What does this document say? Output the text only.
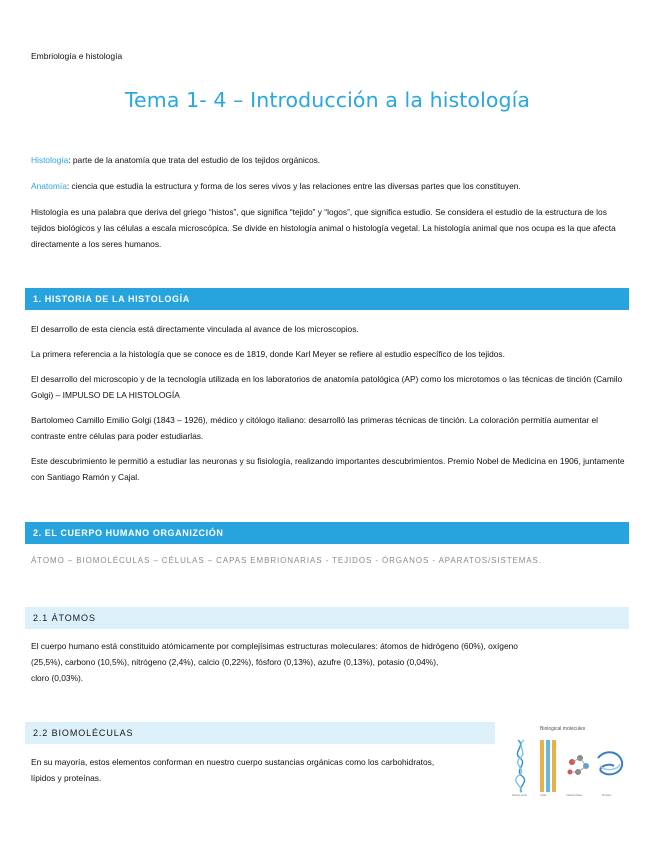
Embriología e histología
Tema 1- 4 – Introducción a la histología
Histología: parte de la anatomía que trata del estudio de los tejidos orgánicos.
Anatomía: ciencia que estudia la estructura y forma de los seres vivos y las relaciones entre las diversas partes que los constituyen.
Histología es una palabra que deriva del griego “histos”, que significa “tejido” y “logos”, que significa estudio. Se considera el estudio de la estructura de los tejidos biológicos y las células a escala microscópica. Se divide en histología animal o histología vegetal. La histología animal que nos ocupa es la que afecta directamente a los seres humanos.
1. HISTORIA DE LA HISTOLOGÍA
El desarrollo de esta ciencia está directamente vinculada al avance de los microscopios.
La primera referencia a la histología que se conoce es de 1819, donde Karl Meyer se refiere al estudio específico de los tejidos.
El desarrollo del microscopio y de la tecnología utilizada en los laboratorios de anatomía patológica (AP) como los microtomos o las técnicas de tinción (Camilo Golgi) – IMPULSO DE LA HISTOLOGÍA
Bartolomeo Camillo Emilio Golgi (1843 – 1926), médico y citólogo italiano: desarrolló las primeras técnicas de tinción. La coloración permitía aumentar el contraste entre células para poder estudiarlas.
Este descubrimiento le permitió a estudiar las neuronas y su fisiología, realizando importantes descubrimientos. Premio Nobel de Medicina en 1906, juntamente con Santiago Ramón y Cajal.
2. EL CUERPO HUMANO ORGANIZCIÓN
ÁTOMO – BIOMOLÉCULAS – CÉLULAS – CAPAS EMBRIONARIAS - TEJIDOS - ÓRGANOS - APARATOS/SISTEMAS.
2.1 ÁTOMOS
El cuerpo humano está constituido atómicamente por complejísimas estructuras moleculares: átomos de hidrógeno (60%), oxígeno
(25,5%), carbono (10,5%), nitrógeno (2,4%), calcio (0,22%), fósforo (0,13%), azufre (0,13%), potasio (0,04%),
cloro (0,03%).
2.2 BIOMOLÉCULAS
En su mayoría, estos elementos conforman en nuestro cuerpo sustancias orgánicas como los carbohidratos, lípidos y proteínas.
Biological molecules
Nucleic acids	Lipids	Carbohydrates	Proteins
